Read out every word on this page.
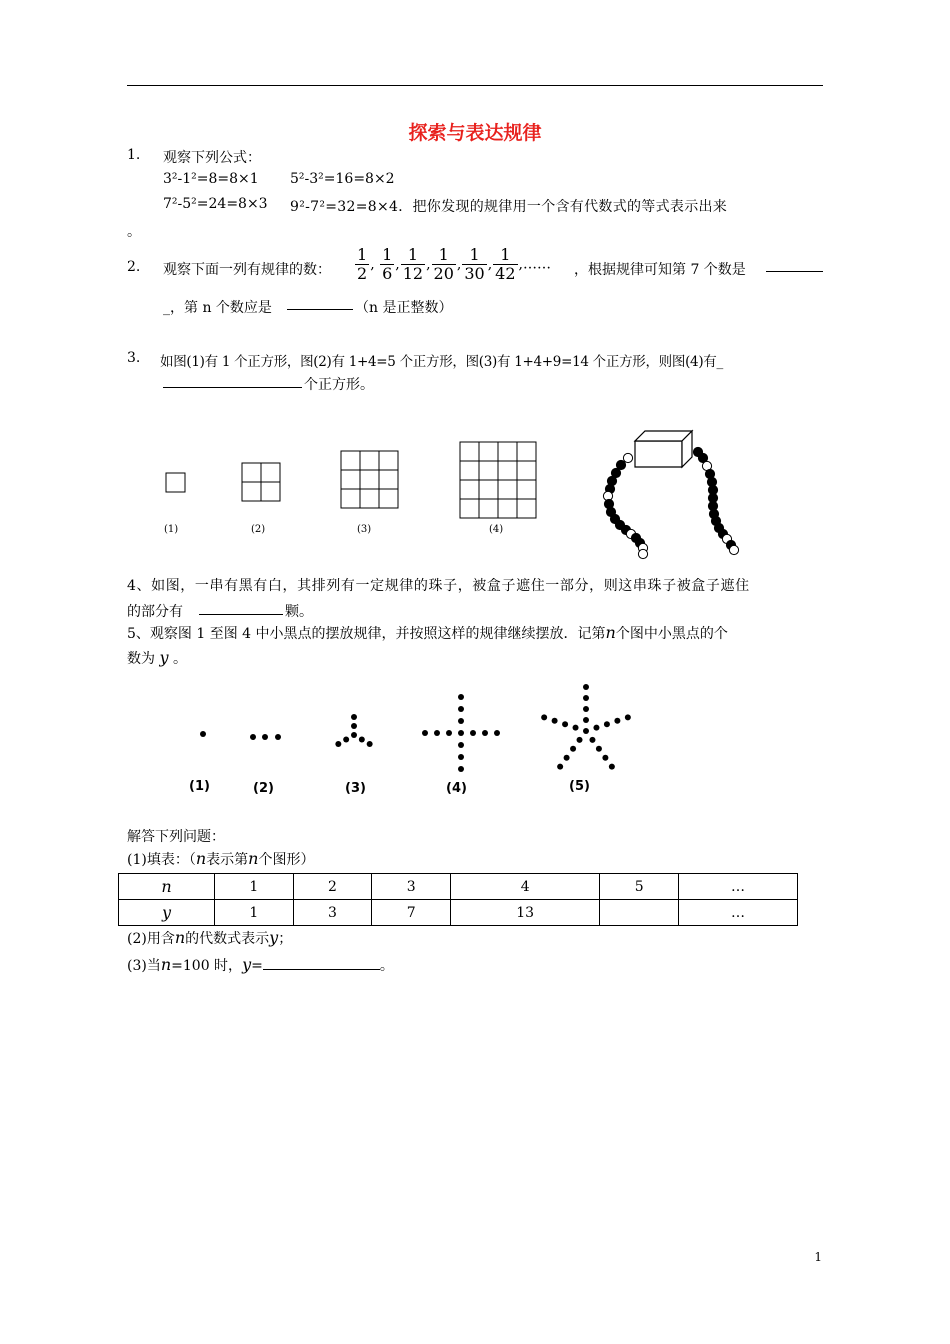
探索与表达规律
1. 观察下列公式：
3²-1²=8=8×1 5²-3²=16=8×2
7²-5²=24=8×3 9²-7²=32=8×4．把你发现的规律用一个含有代数式的等式表示出来
。
2. 观察下面一列有规律的数： $\frac{1}{2}$ , $\frac{1}{6}$ , $\frac{1}{12}$ , $\frac{1}{20}$ , $\frac{1}{30}$ , $\frac{1}{42}$ ,…… ，根据规律可知第 7 个数是
_，第 n 个数应是	（n 是正整数）
3. 如图(1)有 1 个正方形，图(2)有 1+4=5 个正方形，图(3)有 1+4+9=14 个正方形，则图(4)有_
个正方形。
(1)	(2)	(3)	(4)
4、如图，一串有黑有白，其排列有一定规律的珠子，被盒子遮住一部分，则这串珠子被盒子遮住
的部分有	颗。
5、观察图 1 至图 4 中小黑点的摆放规律，并按照这样的规律继续摆放．记第n个图中小黑点的个
数为 y 。
(1)	(2)	(3)	(4)	(5)
解答下列问题：
(1)填表：（n表示第n个图形）
n	1	2	3	4	5	…
y	1	3	7	13		…
(2)用含n的代数式表示y；
(3)当n=100 时，y=	。
1
